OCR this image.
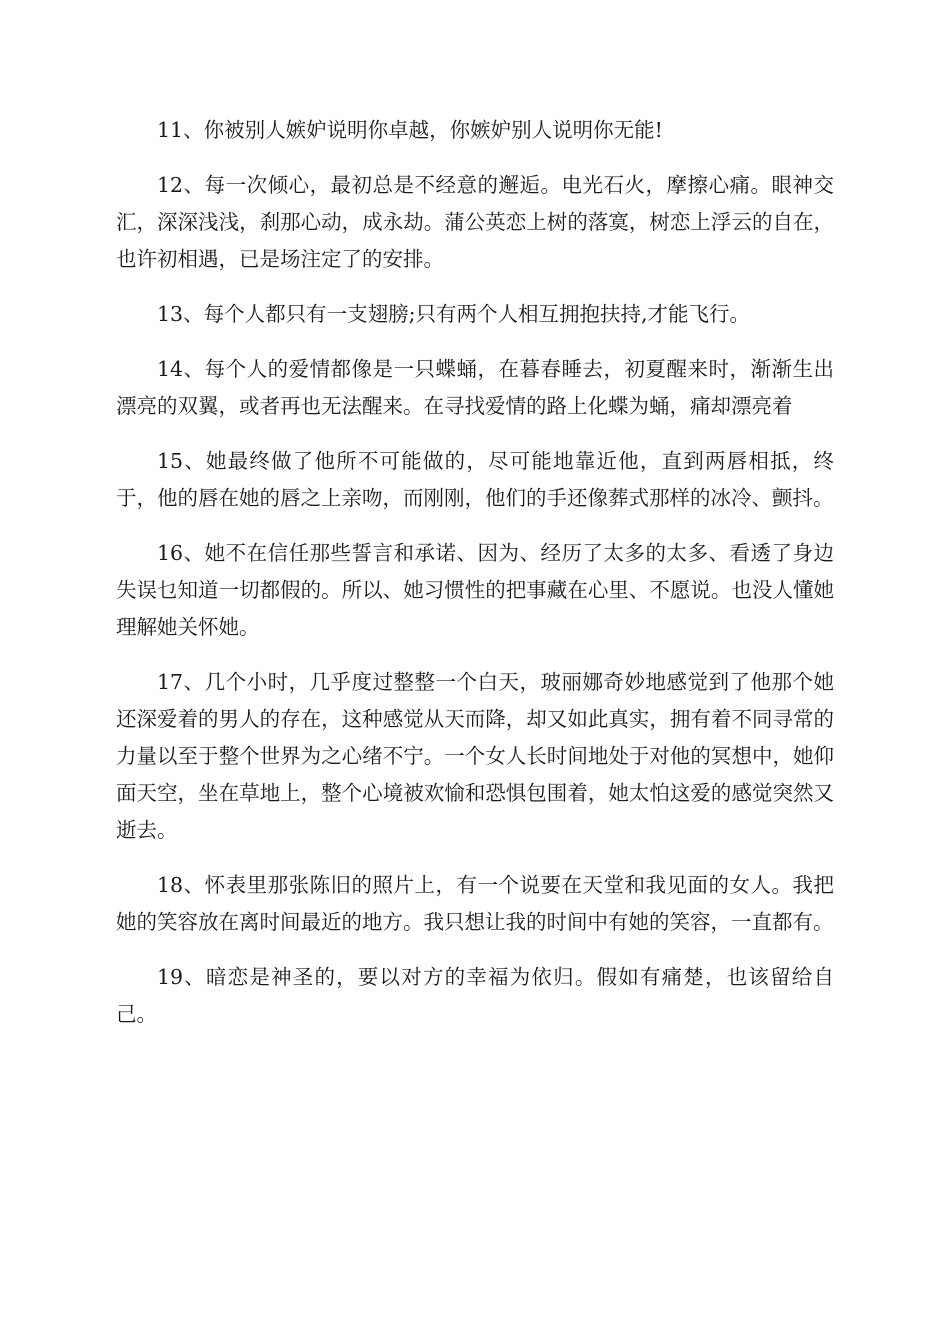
11、你被别人嫉妒说明你卓越，你嫉妒别人说明你无能!

12、每一次倾心，最初总是不经意的邂逅。电光石火，摩擦心痛。眼神交汇，深深浅浅，刹那心动，成永劫。蒲公英恋上树的落寞，树恋上浮云的自在，也许初相遇，已是场注定了的安排。

13、每个人都只有一支翅膀;只有两个人相互拥抱扶持,才能飞行。

14、每个人的爱情都像是一只蝶蛹，在暮春睡去，初夏醒来时，渐渐生出漂亮的双翼，或者再也无法醒来。在寻找爱情的路上化蝶为蛹，痛却漂亮着

15、她最终做了他所不可能做的，尽可能地靠近他，直到两唇相抵，终于，他的唇在她的唇之上亲吻，而刚刚，他们的手还像葬式那样的冰冷、颤抖。

16、她不在信任那些誓言和承诺、因为、经历了太多的太多、看透了身边失误乜知道一切都假的。所以、她习惯性的把事藏在心里、不愿说。也没人懂她理解她关怀她。

17、几个小时，几乎度过整整一个白天，玻丽娜奇妙地感觉到了他那个她还深爱着的男人的存在，这种感觉从天而降，却又如此真实，拥有着不同寻常的力量以至于整个世界为之心绪不宁。一个女人长时间地处于对他的冥想中，她仰面天空，坐在草地上，整个心境被欢愉和恐惧包围着，她太怕这爱的感觉突然又逝去。

18、怀表里那张陈旧的照片上，有一个说要在天堂和我见面的女人。我把她的笑容放在离时间最近的地方。我只想让我的时间中有她的笑容，一直都有。

19、暗恋是神圣的，要以对方的幸福为依归。假如有痛楚，也该留给自己。
